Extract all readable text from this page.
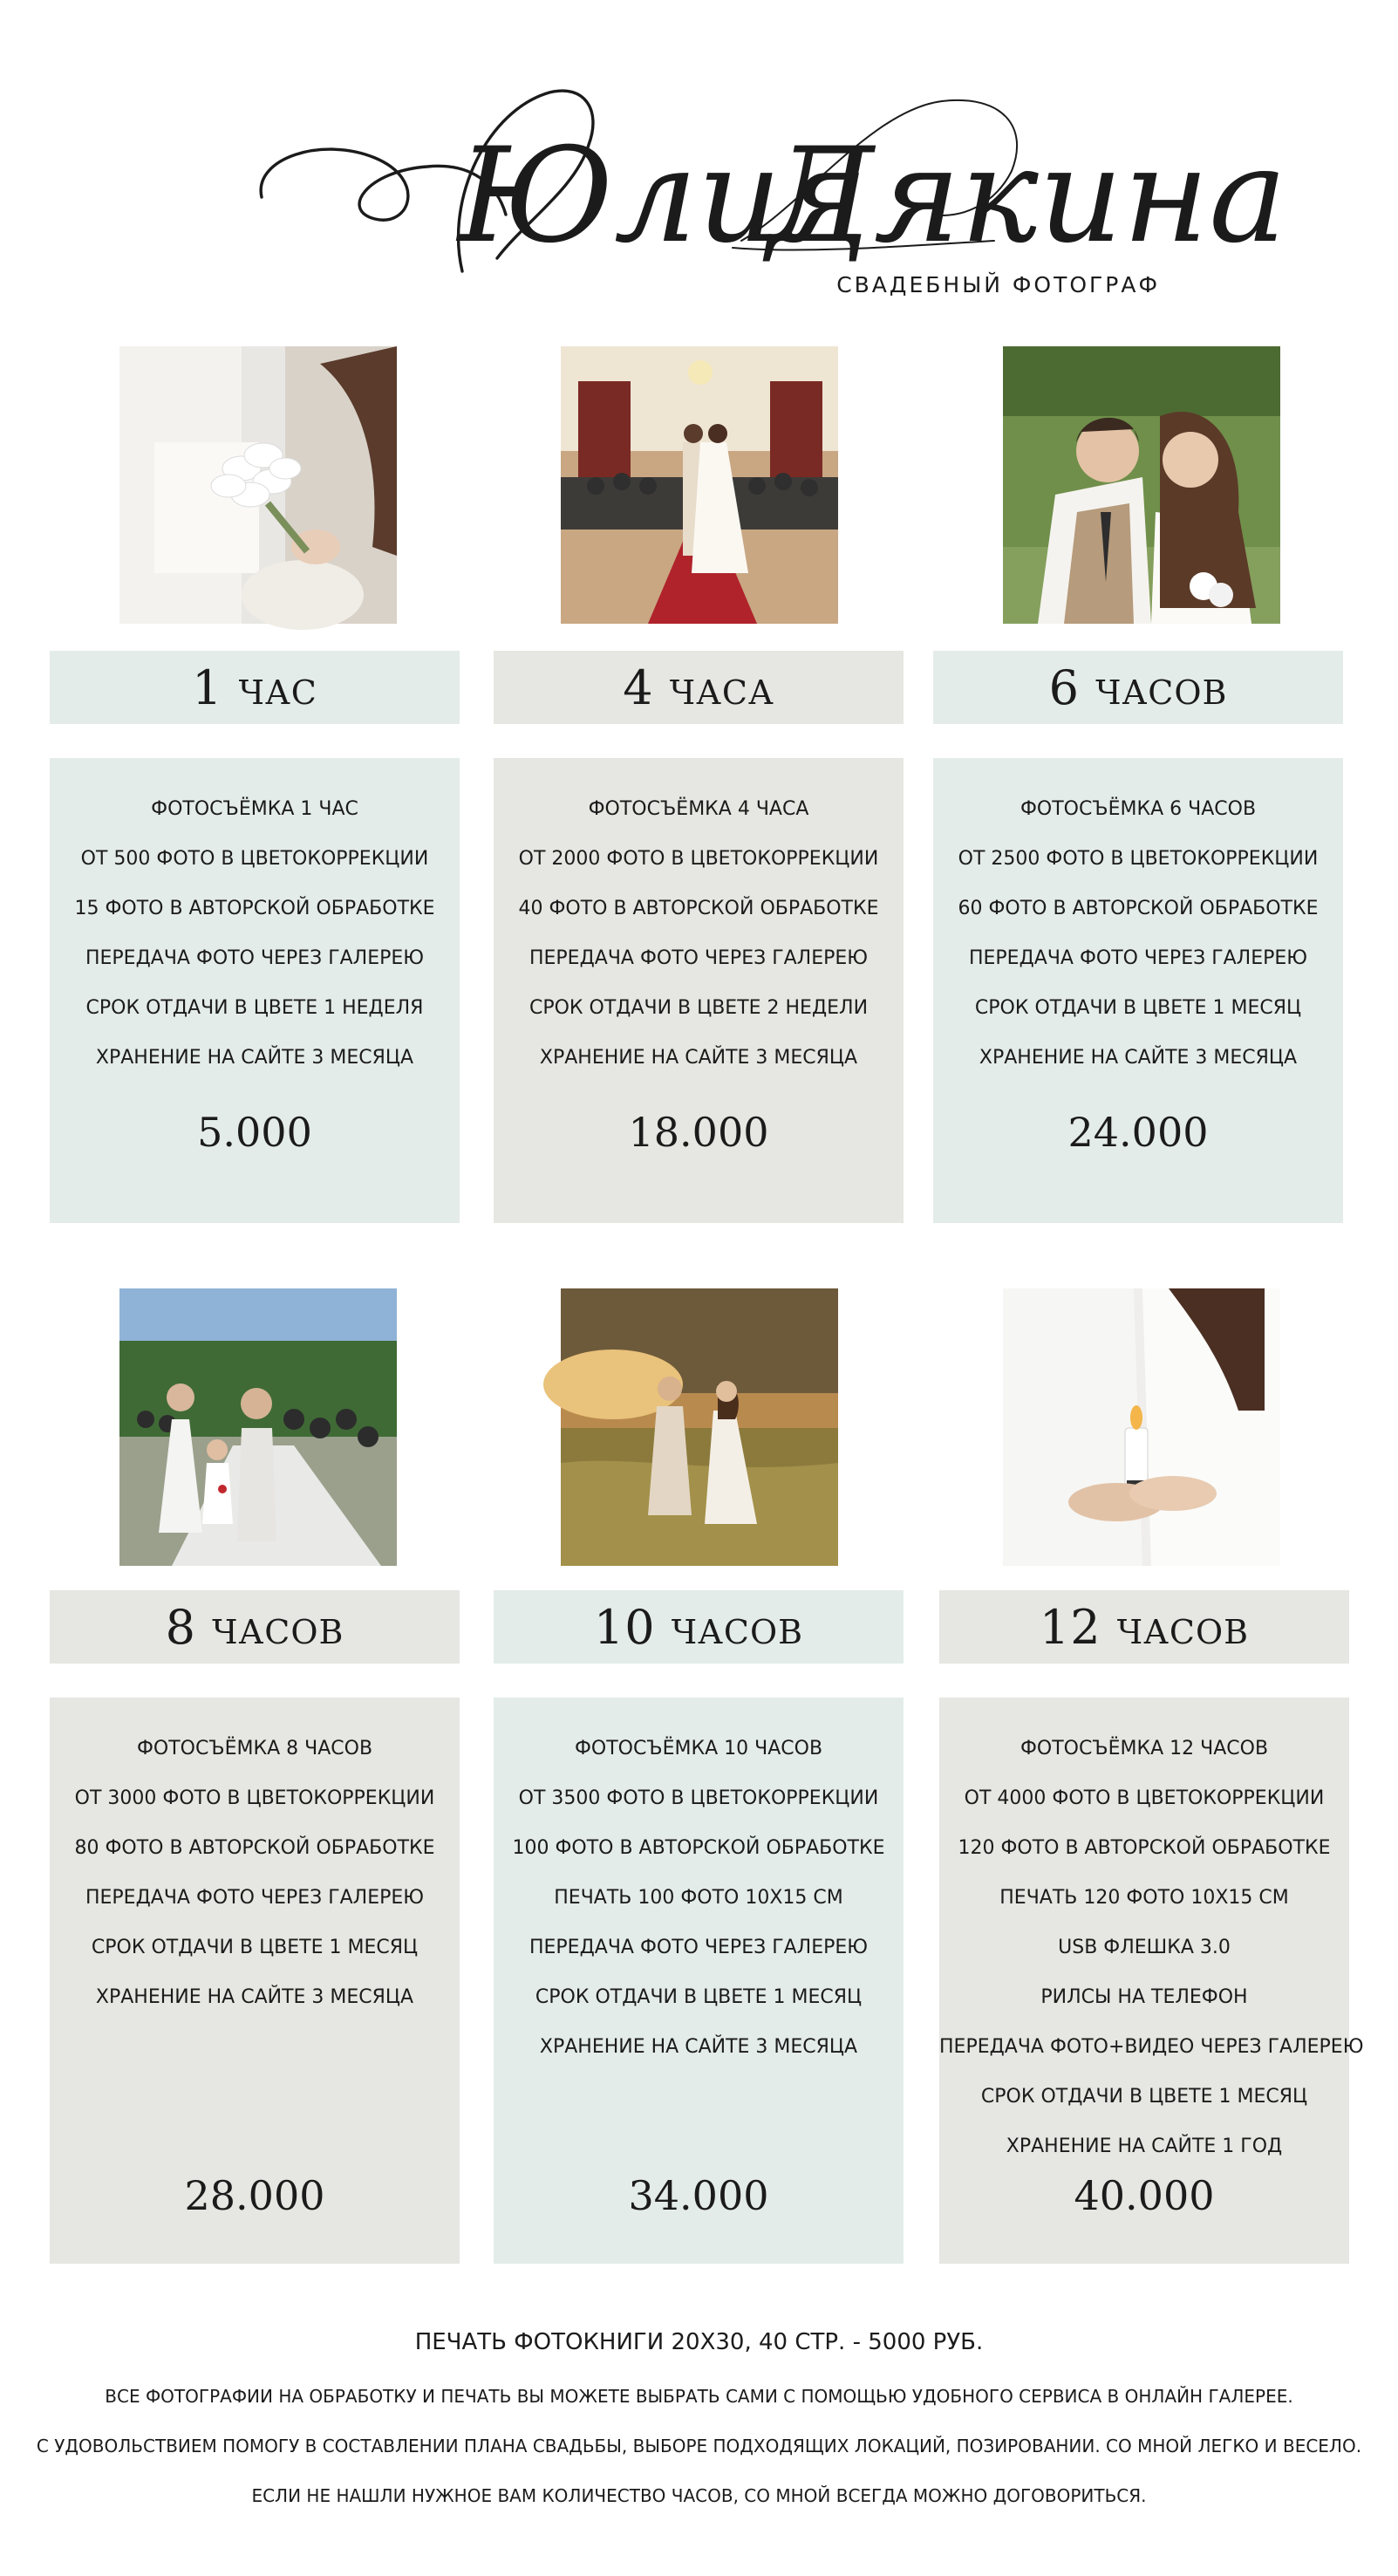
Юлия
Дякина
СВАДЕБНЫЙ ФОТОГРАФ
1 час	4 часа	6 часов
ФОТОСЪЁМКА 1 ЧАС
ОТ 500 ФОТО В ЦВЕТОКОРРЕКЦИИ
15 ФОТО В АВТОРСКОЙ ОБРАБОТКЕ
ПЕРЕДАЧА ФОТО ЧЕРЕЗ ГАЛЕРЕЮ
СРОК ОТДАЧИ В ЦВЕТЕ 1 НЕДЕЛЯ
ХРАНЕНИЕ НА САЙТЕ 3 МЕСЯЦА
5.000
ФОТОСЪЁМКА 4 ЧАСА
ОТ 2000 ФОТО В ЦВЕТОКОРРЕКЦИИ
40 ФОТО В АВТОРСКОЙ ОБРАБОТКЕ
ПЕРЕДАЧА ФОТО ЧЕРЕЗ ГАЛЕРЕЮ
СРОК ОТДАЧИ В ЦВЕТЕ 2 НЕДЕЛИ
ХРАНЕНИЕ НА САЙТЕ 3 МЕСЯЦА
18.000
ФОТОСЪЁМКА 6 ЧАСОВ
ОТ 2500 ФОТО В ЦВЕТОКОРРЕКЦИИ
60 ФОТО В АВТОРСКОЙ ОБРАБОТКЕ
ПЕРЕДАЧА ФОТО ЧЕРЕЗ ГАЛЕРЕЮ
СРОК ОТДАЧИ В ЦВЕТЕ 1 МЕСЯЦ
ХРАНЕНИЕ НА САЙТЕ 3 МЕСЯЦА
24.000
8 часов	10 часов	12 часов
ФОТОСЪЁМКА 8 ЧАСОВ
ОТ 3000 ФОТО В ЦВЕТОКОРРЕКЦИИ
80 ФОТО В АВТОРСКОЙ ОБРАБОТКЕ
ПЕРЕДАЧА ФОТО ЧЕРЕЗ ГАЛЕРЕЮ
СРОК ОТДАЧИ В ЦВЕТЕ 1 МЕСЯЦ
ХРАНЕНИЕ НА САЙТЕ 3 МЕСЯЦА
28.000
ФОТОСЪЁМКА 10 ЧАСОВ
ОТ 3500 ФОТО В ЦВЕТОКОРРЕКЦИИ
100 ФОТО В АВТОРСКОЙ ОБРАБОТКЕ
ПЕЧАТЬ 100 ФОТО 10Х15 СМ
ПЕРЕДАЧА ФОТО ЧЕРЕЗ ГАЛЕРЕЮ
СРОК ОТДАЧИ В ЦВЕТЕ 1 МЕСЯЦ
ХРАНЕНИЕ НА САЙТЕ 3 МЕСЯЦА
34.000
ФОТОСЪЁМКА 12 ЧАСОВ
ОТ 4000 ФОТО В ЦВЕТОКОРРЕКЦИИ
120 ФОТО В АВТОРСКОЙ ОБРАБОТКЕ
ПЕЧАТЬ 120 ФОТО 10Х15 СМ
USB ФЛЕШКА 3.0
РИЛСЫ НА ТЕЛЕФОН
ПЕРЕДАЧА ФОТО+ВИДЕО ЧЕРЕЗ ГАЛЕРЕЮ
СРОК ОТДАЧИ В ЦВЕТЕ 1 МЕСЯЦ
ХРАНЕНИЕ НА САЙТЕ 1 ГОД
40.000
ПЕЧАТЬ ФОТОКНИГИ 20Х30, 40 СТР. - 5000 РУБ.
ВСЕ ФОТОГРАФИИ НА ОБРАБОТКУ И ПЕЧАТЬ ВЫ МОЖЕТЕ ВЫБРАТЬ САМИ С ПОМОЩЬЮ УДОБНОГО СЕРВИСА В ОНЛАЙН ГАЛЕРЕЕ.
С УДОВОЛЬСТВИЕМ ПОМОГУ В СОСТАВЛЕНИИ ПЛАНА СВАДЬБЫ, ВЫБОРЕ ПОДХОДЯЩИХ ЛОКАЦИЙ, ПОЗИРОВАНИИ. СО МНОЙ ЛЕГКО И ВЕСЕЛО.
ЕСЛИ НЕ НАШЛИ НУЖНОЕ ВАМ КОЛИЧЕСТВО ЧАСОВ, СО МНОЙ ВСЕГДА МОЖНО ДОГОВОРИТЬСЯ.
